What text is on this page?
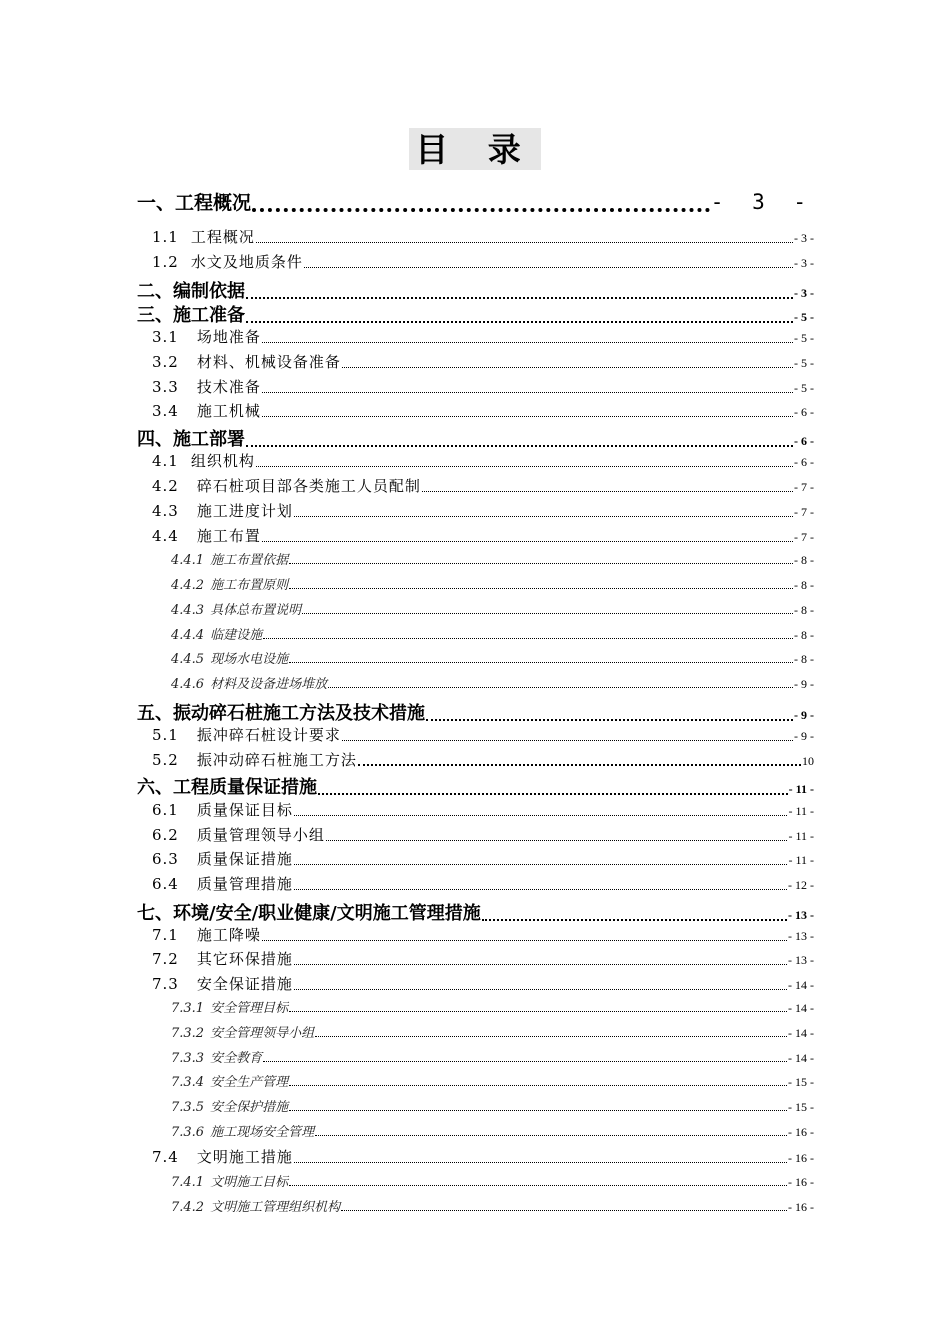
目 录
一、工程概况	- 3 -
1.1 工程概况	- 3 -
1.2 水文及地质条件	- 3 -
二、编制依据	- 3 -
三、施工准备	- 5 -
3.1 场地准备	- 5 -
3.2 材料、机械设备准备	- 5 -
3.3 技术准备	- 5 -
3.4 施工机械	- 6 -
四、施工部署	- 6 -
4.1 组织机构	- 6 -
4.2 碎石桩项目部各类施工人员配制	- 7 -
4.3 施工进度计划	- 7 -
4.4 施工布置	- 7 -
4.4.1 施工布置依据	- 8 -
4.4.2 施工布置原则	- 8 -
4.4.3 具体总布置说明	- 8 -
4.4.4 临建设施	- 8 -
4.4.5 现场水电设施	- 8 -
4.4.6 材料及设备进场堆放	- 9 -
五、振动碎石桩施工方法及技术措施	- 9 -
5.1 振冲碎石桩设计要求	- 9 -
5.2 振冲动碎石桩施工方法	10
六、工程质量保证措施	- 11 -
6.1 质量保证目标	- 11 -
6.2 质量管理领导小组	- 11 -
6.3 质量保证措施	- 11 -
6.4 质量管理措施	- 12 -
七、环境/安全/职业健康/文明施工管理措施	- 13 -
7.1 施工降噪	- 13 -
7.2 其它环保措施	- 13 -
7.3 安全保证措施	- 14 -
7.3.1 安全管理目标	- 14 -
7.3.2 安全管理领导小组	- 14 -
7.3.3 安全教育	- 14 -
7.3.4 安全生产管理	- 15 -
7.3.5 安全保护措施	- 15 -
7.3.6 施工现场安全管理	- 16 -
7.4 文明施工措施	- 16 -
7.4.1 文明施工目标	- 16 -
7.4.2 文明施工管理组织机构	- 16 -
